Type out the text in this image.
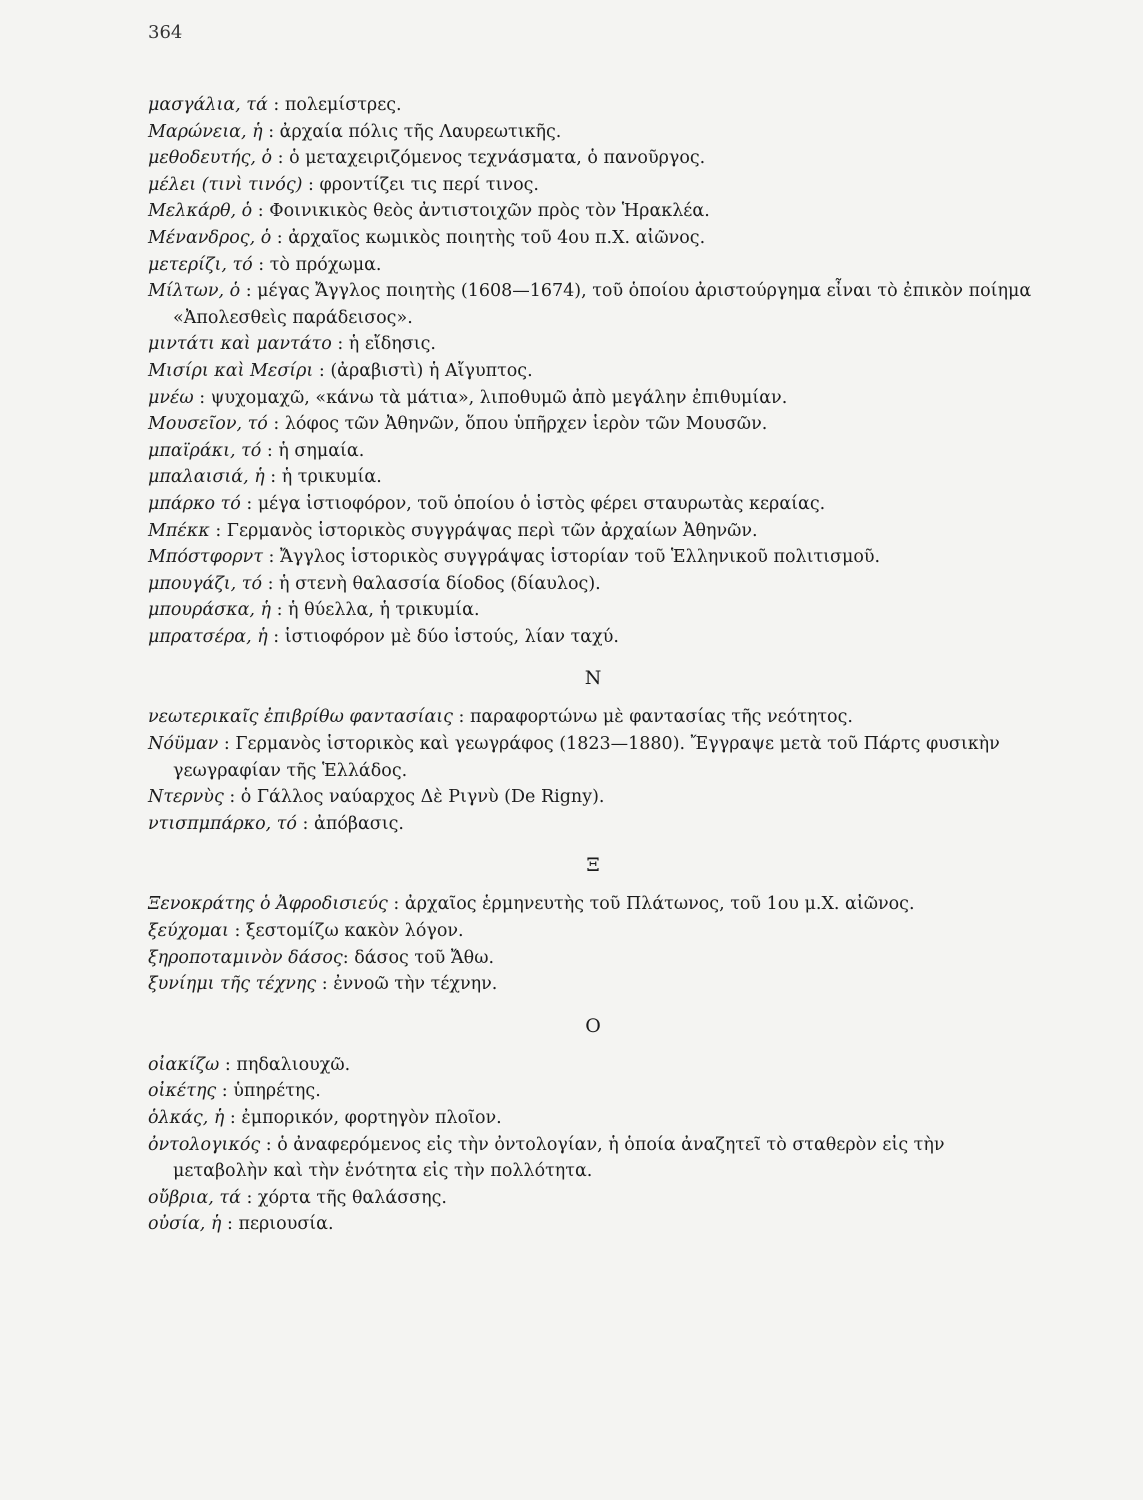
364
μασγάλια, τά : πολεμίστρες.
Μαρώνεια, ἡ : ἀρχαία πόλις τῆς Λαυρεωτικῆς.
μεθοδευτής, ὁ : ὁ μεταχειριζόμενος τεχνάσματα, ὁ πανοῦργος.
μέλει (τινὶ τινός) : φροντίζει τις περί τινος.
Μελκάρθ, ὁ : Φοινικικὸς θεὸς ἀντιστοιχῶν πρὸς τὸν Ἡρακλέα.
Μένανδρος, ὁ : ἀρχαῖος κωμικὸς ποιητὴς τοῦ 4ου π.Χ. αἰῶνος.
μετερίζι, τό : τὸ πρόχωμα.
Μίλτων, ὁ : μέγας Ἄγγλος ποιητὴς (1608—1674), τοῦ ὁποίου ἀριστούργημα εἶναι τὸ ἐπικὸν ποίημα «Ἀπολεσθεὶς παράδεισος».
μιντάτι καὶ μαντάτο : ἡ εἴδησις.
Μισίρι καὶ Μεσίρι : (ἀραβιστὶ) ἡ Αἴγυπτος.
μνέω : ψυχομαχῶ, «κάνω τὰ μάτια», λιποθυμῶ ἀπὸ μεγάλην ἐπιθυμίαν.
Μουσεῖον, τό : λόφος τῶν Ἀθηνῶν, ὅπου ὑπῆρχεν ἱερὸν τῶν Μουσῶν.
μπαϊράκι, τό : ἡ σημαία.
μπαλαισιά, ἡ : ἡ τρικυμία.
μπάρκο τό : μέγα ἱστιοφόρον, τοῦ ὁποίου ὁ ἱστὸς φέρει σταυρωτὰς κεραίας.
Μπέκκ : Γερμανὸς ἱστορικὸς συγγράψας περὶ τῶν ἀρχαίων Ἀθηνῶν.
Μπόστφορντ : Ἄγγλος ἱστορικὸς συγγράψας ἱστορίαν τοῦ Ἑλληνικοῦ πολιτισμοῦ.
μπουγάζι, τό : ἡ στενὴ θαλασσία δίοδος (δίαυλος).
μπουράσκα, ἡ : ἡ θύελλα, ἡ τρικυμία.
μπρατσέρα, ἡ : ἱστιοφόρον μὲ δύο ἱστούς, λίαν ταχύ.
Ν
νεωτερικαῖς ἐπιβρίθω φαντασίαις : παραφορτώνω μὲ φαντασίας τῆς νεότητος.
Νόϋμαν : Γερμανὸς ἱστορικὸς καὶ γεωγράφος (1823—1880). Ἔγγραψε μετὰ τοῦ Πάρτς φυσικὴν γεωγραφίαν τῆς Ἑλλάδος.
Ντερνὺς : ὁ Γάλλος ναύαρχος Δὲ Ριγνὺ (De Rigny).
ντισπμπάρκο, τό : ἀπόβασις.
Ξ
Ξενοκράτης ὁ Ἀφροδισιεύς : ἀρχαῖος ἑρμηνευτὴς τοῦ Πλάτωνος, τοῦ 1ου μ.Χ. αἰῶνος.
ξεύχομαι : ξεστομίζω κακὸν λόγον.
ξηροποταμινὸν δάσος: δάσος τοῦ Ἄθω.
ξυνίημι τῆς τέχνης : ἐννοῶ τὴν τέχνην.
Ο
οἰακίζω : πηδαλιουχῶ.
οἰκέτης : ὑπηρέτης.
ὁλκάς, ἡ : ἐμπορικόν, φορτηγὸν πλοῖον.
ὀντολογικός : ὁ ἀναφερόμενος εἰς τὴν ὀντολογίαν, ἡ ὁποία ἀναζητεῖ τὸ σταθερὸν εἰς τὴν μεταβολὴν καὶ τὴν ἑνότητα εἰς τὴν πολλότητα.
οὔβρια, τά : χόρτα τῆς θαλάσσης.
οὐσία, ἡ : περιουσία.
